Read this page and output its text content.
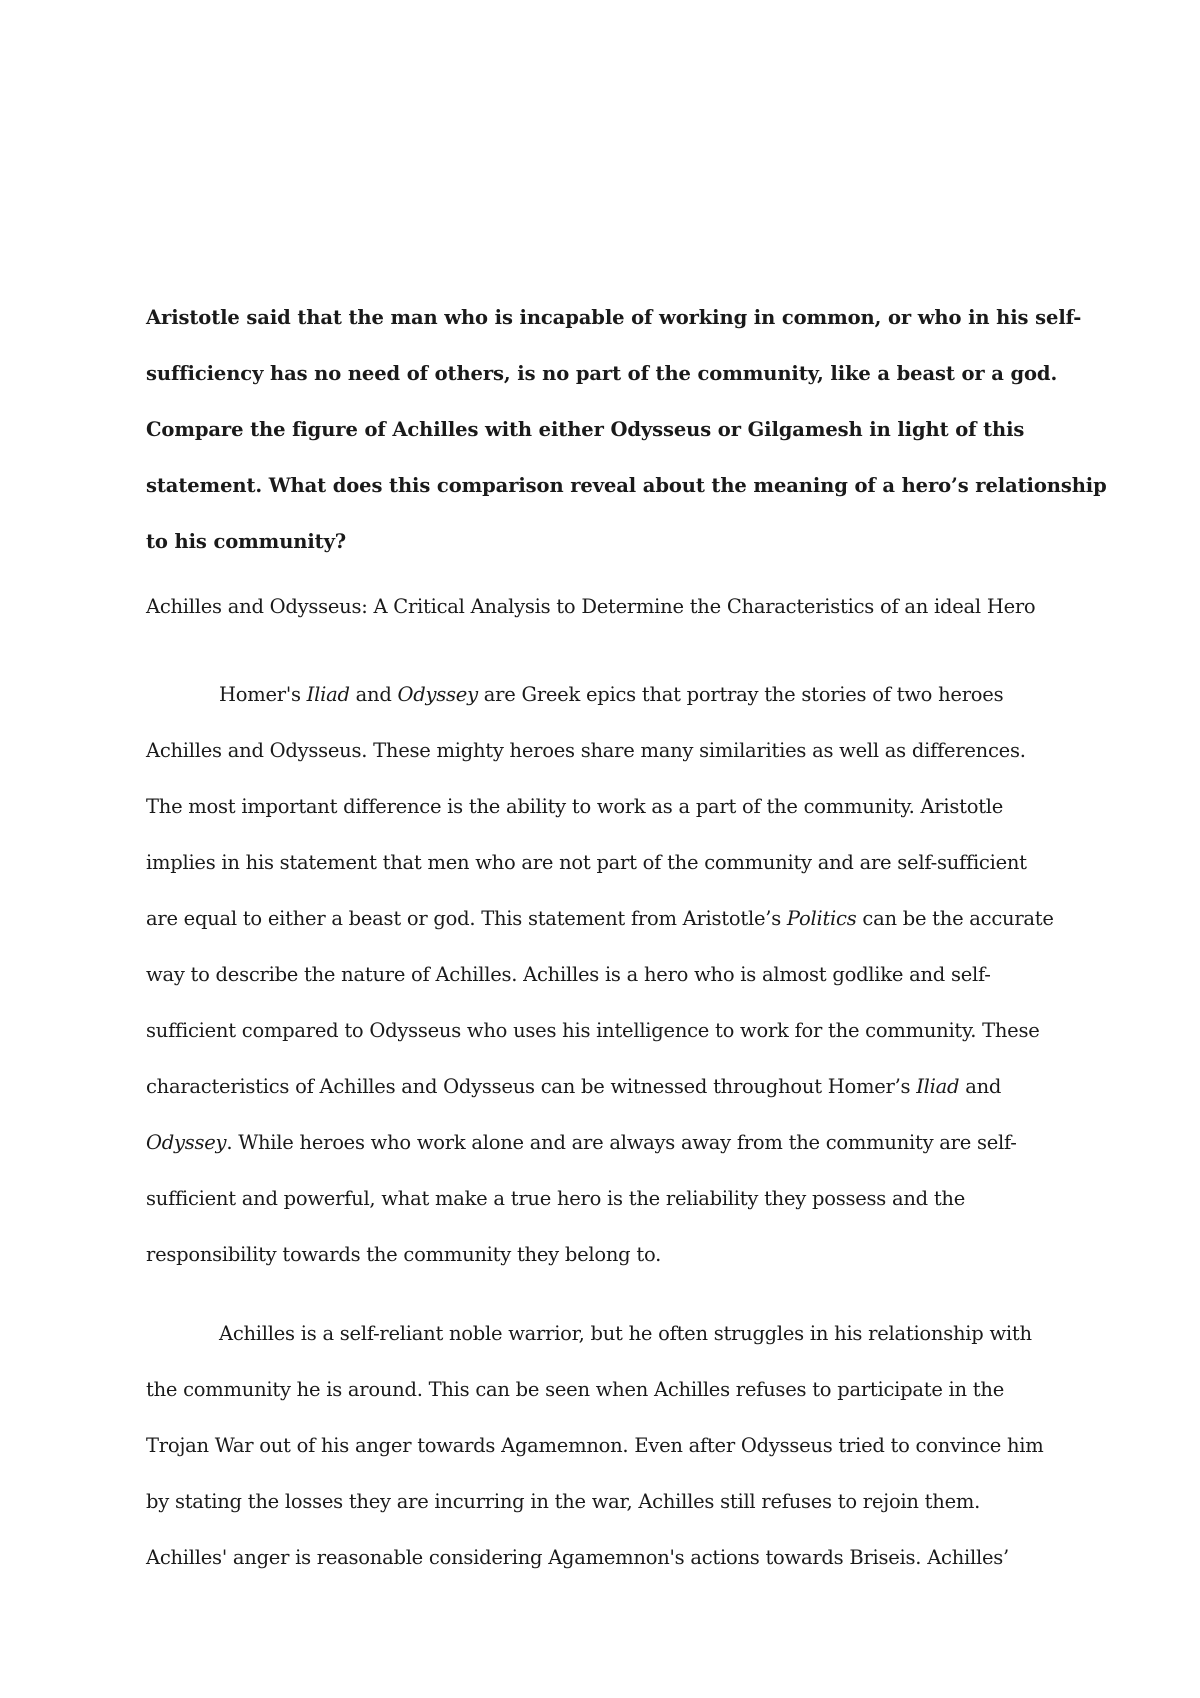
Aristotle said that the man who is incapable of working in common, or who in his self-
sufficiency has no need of others, is no part of the community, like a beast or a god.
Compare the figure of Achilles with either Odysseus or Gilgamesh in light of this
statement. What does this comparison reveal about the meaning of a hero’s relationship
to his community?
Achilles and Odysseus: A Critical Analysis to Determine the Characteristics of an ideal Hero
Homer's Iliad and Odyssey are Greek epics that portray the stories of two heroes
Achilles and Odysseus. These mighty heroes share many similarities as well as differences.
The most important difference is the ability to work as a part of the community. Aristotle
implies in his statement that men who are not part of the community and are self-sufficient
are equal to either a beast or god. This statement from Aristotle’s Politics can be the accurate
way to describe the nature of Achilles. Achilles is a hero who is almost godlike and self-
sufficient compared to Odysseus who uses his intelligence to work for the community. These
characteristics of Achilles and Odysseus can be witnessed throughout Homer’s Iliad and
Odyssey. While heroes who work alone and are always away from the community are self-
sufficient and powerful, what make a true hero is the reliability they possess and the
responsibility towards the community they belong to.
Achilles is a self-reliant noble warrior, but he often struggles in his relationship with
the community he is around. This can be seen when Achilles refuses to participate in the
Trojan War out of his anger towards Agamemnon. Even after Odysseus tried to convince him
by stating the losses they are incurring in the war, Achilles still refuses to rejoin them.
Achilles' anger is reasonable considering Agamemnon's actions towards Briseis. Achilles’
